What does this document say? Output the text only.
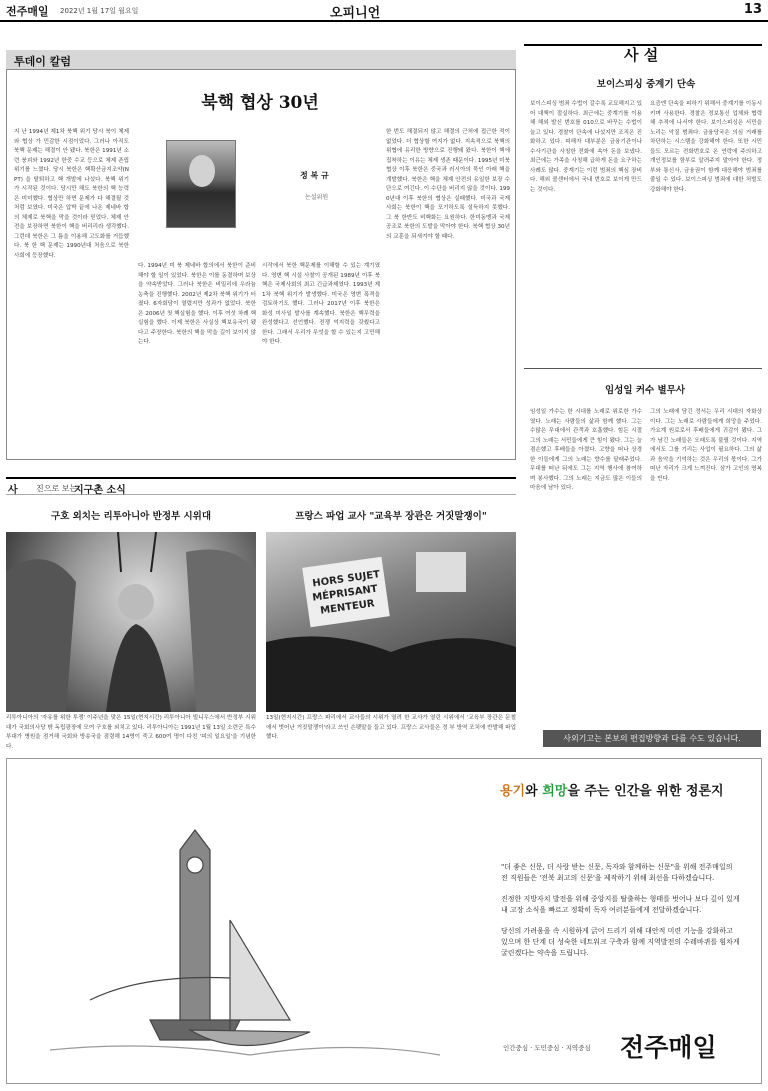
전주매일 2022년 1월 17일 월요일	오피니언	13
투데이 칼럼
북핵 협상 30년
정 복 규
논설위원
지 난 1994년 제1차 북핵 위기 당시 북이 체제와 협상 가 민감한 시점이었다. 그러나 아직도 북핵 문제는 해결이 안 됐다. 북한은 1991년 소련 붕괴와 1992년 한중 수교 등으로 체제 존립 위기를 느꼈다. 당시 북한은 핵확산금지조약(NPT) 을 탈퇴하고 핵 개발에 나섰다. 북핵 위기가 시작된 것이다. 당시만 해도 북한의 핵 능력은 미미했다. 협상만 하면 문제가 다 해결될 것처럼 보였다. 미국은 압박 끝에 나온 제네바 합의 체제로 북핵을 막을 것이라 믿었다. 체제 안전을 보장하면 북한이 핵을 버리리라 생각했다. 그런데 북한은 그 틈을 이용해 고도화를 거듭했다. 북 한 핵 문제는 1990년대 처음으로 북한 사회에 등장했다.
다. 1994년 미 북 제네바 합의에서 북한이 준비해야 할 일이 있었다. 북한은 이를 동결하며 보상을 약속받았다. 그러나 북한은 비밀리에 우라늄 농축을 진행했다. 2002년 제2차 북핵 위기가 터졌다. 6자회담이 열렸지만 성과가 없었다. 북한은 2006년 첫 핵실험을 했다. 이후 여섯 차례 핵실험을 했다. 이제 북한은 사실상 핵보유국이 됐다고 주장한다. 북한의 핵을 막을 길이 보이지 않는다.
시작에서 북한 핵문제를 이해할 수 있는 계기였다. 영변 핵 시설 사찰이 공개된 1989년 이후 북핵은 국제사회의 최고 긴급과제였다. 1993년 제1차 북핵 위기가 발생했다. 미국은 영변 폭격을 검토하기도 했다. 그러나 2017년 이후 북한은 화성 미사일 발사를 계속했다. 북한은 핵무력을 완성했다고 선언했다. 전쟁 억지력을 갖췄다고 한다. 그래서 우리가 무엇을 할 수 있는지 고민해야 한다.
한 번도 해결되지 않고 해결의 근처에 접근한 적이 없었다. 더 협상할 여지가 없다. 지속적으로 북핵의 위협에 유리한 방향으로 진행돼 왔다. 북한이 핵에 집착하는 이유는 체제 생존 때문이다. 1995년 미북 협상 이후 북한은 중국과 러시아의 묵인 아래 핵을 개발했다. 북한은 핵을 체제 안전의 유일한 보장 수단으로 여긴다. 이 수단을 버리지 않을 것이다. 1990년대 이후 북한의 협상은 실패했다. 미국과 국제사회는 북한이 핵을 포기하도록 설득하지 못했다. 그 북 한반도 비핵화는 요원하다. 한미동맹과 국제 공조로 북한의 도발을 막아야 한다. 북핵 협상 30년의 교훈을 되새겨야 할 때다.
사 설
보이스피싱 중계기 단속
보이스피싱 범죄 수법이 갈수록 교묘해지고 있어 대책이 절실하다. 최근에는 중계기를 이용해 해외 발신 번호를 010으로 바꾸는 수법이 늘고 있다. 경찰이 단속에 나섰지만 조직은 진화하고 있다. 피해자 대부분은 금융기관이나 수사기관을 사칭한 전화에 속아 돈을 보냈다. 최근에는 가족을 사칭해 급하게 돈을 요구하는 사례도 많다. 중계기는 이런 범죄의 핵심 장비다. 해외 콜센터에서 국내 번호로 보이게 만드는 것이다.
요즘엔 단속을 피하기 위해서 중계기를 이동시키며 사용한다. 경찰은 정보통신 업체와 협력해 추적에 나서야 한다. 보이스피싱은 서민을 노리는 악질 범죄다. 금융당국은 의심 거래를 차단하는 시스템을 강화해야 한다. 또한 시민들도 모르는 전화번호로 온 연락에 주의하고 개인정보를 함부로 알려주지 말아야 한다. 정부와 통신사, 금융권이 함께 대응해야 범죄를 줄일 수 있다. 보이스피싱 범죄에 대한 처벌도 강화해야 한다.
임성일 커수 별무사
임성일 가수는 한 시대를 노래로 위로한 가수였다. 노래는 사람들의 삶과 함께 했다. 그는 수많은 무대에서 관객과 호흡했다. 힘든 시절 그의 노래는 서민들에게 큰 힘이 됐다. 그는 늘 겸손했고 후배들을 아꼈다. 고향을 떠나 상경한 이들에게 그의 노래는 향수를 달래주었다. 무대를 떠난 뒤에도 그는 지역 행사에 참여하며 봉사했다. 그의 노래는 지금도 많은 이들의 마음에 남아 있다.
그의 노래에 담긴 정서는 우리 시대의 자화상이다. 그는 노래로 사람들에게 희망을 주었다. 가요계 원로로서 후배들에게 귀감이 됐다. 그가 남긴 노래들은 오래도록 불릴 것이다. 지역에서도 그를 기리는 사업이 필요하다. 그의 삶과 음악을 기억하는 것은 우리의 몫이다. 그가 떠난 자리가 크게 느껴진다. 삼가 고인의 명복을 빈다.
사외기고는 본보의 편집방향과 다를 수도 있습니다.
사 진으로 보는
지구촌 소식
구호 외치는 리투아니아 반정부 시위대	프랑스 파업 교사 "교육부 장관은 거짓말쟁이"
HORS SUJETMÉPRISANTMENTEUR
리투아니아의 '자유를 위한 투쟁' 이주년을 맞은 15일(현지시간) 리투아니아 빌니우스에서 반정부 시위대가 국회의사당 밖 독립광장에 모여 구호를 외치고 있다. 리투아니아는 1991년 1월 13일 소련군 특수부대가 병원을 점거해 국회와 방송국을 점령해 14명이 죽고 600여 명이 다친 '피의 일요일'을 기념한다.
13일(현지시간) 프랑스 파리에서 교사들의 시위가 열려 한 교사가 열린 시위에서 '교육부 장관은 문철에서 벗어난 거짓말쟁이'라고 쓰인 손팻말을 들고 있다. 프랑스 교사들은 정 부 방역 조치에 반발해 파업했다.
용기와 희망을 주는 인간을 위한 정론지

"더 좋은 신문, 더 사랑 받는 신문, 독자와 함께하는 신문"을 위해 전주매일의 전 직원들은 '전북 최고의 신문'을 제작하기 위해 최선을 다하겠습니다.

진정한 지방자치 발전을 위해 중앙지를 탈출하는 형태를 벗어나 보다 깊이 있게 내 고장 소식을 빠르고 정확히 독자 여러분들에게 전달하겠습니다.

당신의 가려움을 속 시원하게 긁어 드리기 위해 대안적 미련 기능을 강화하고 있으며 한 단계 더 성숙한 네트워크 구축과 함께 지역발전의 수레바퀴를 힘차게 굴린겠다는 약속을 드립니다.

인간중심 · 도민중심 · 지역중심 전주매일
